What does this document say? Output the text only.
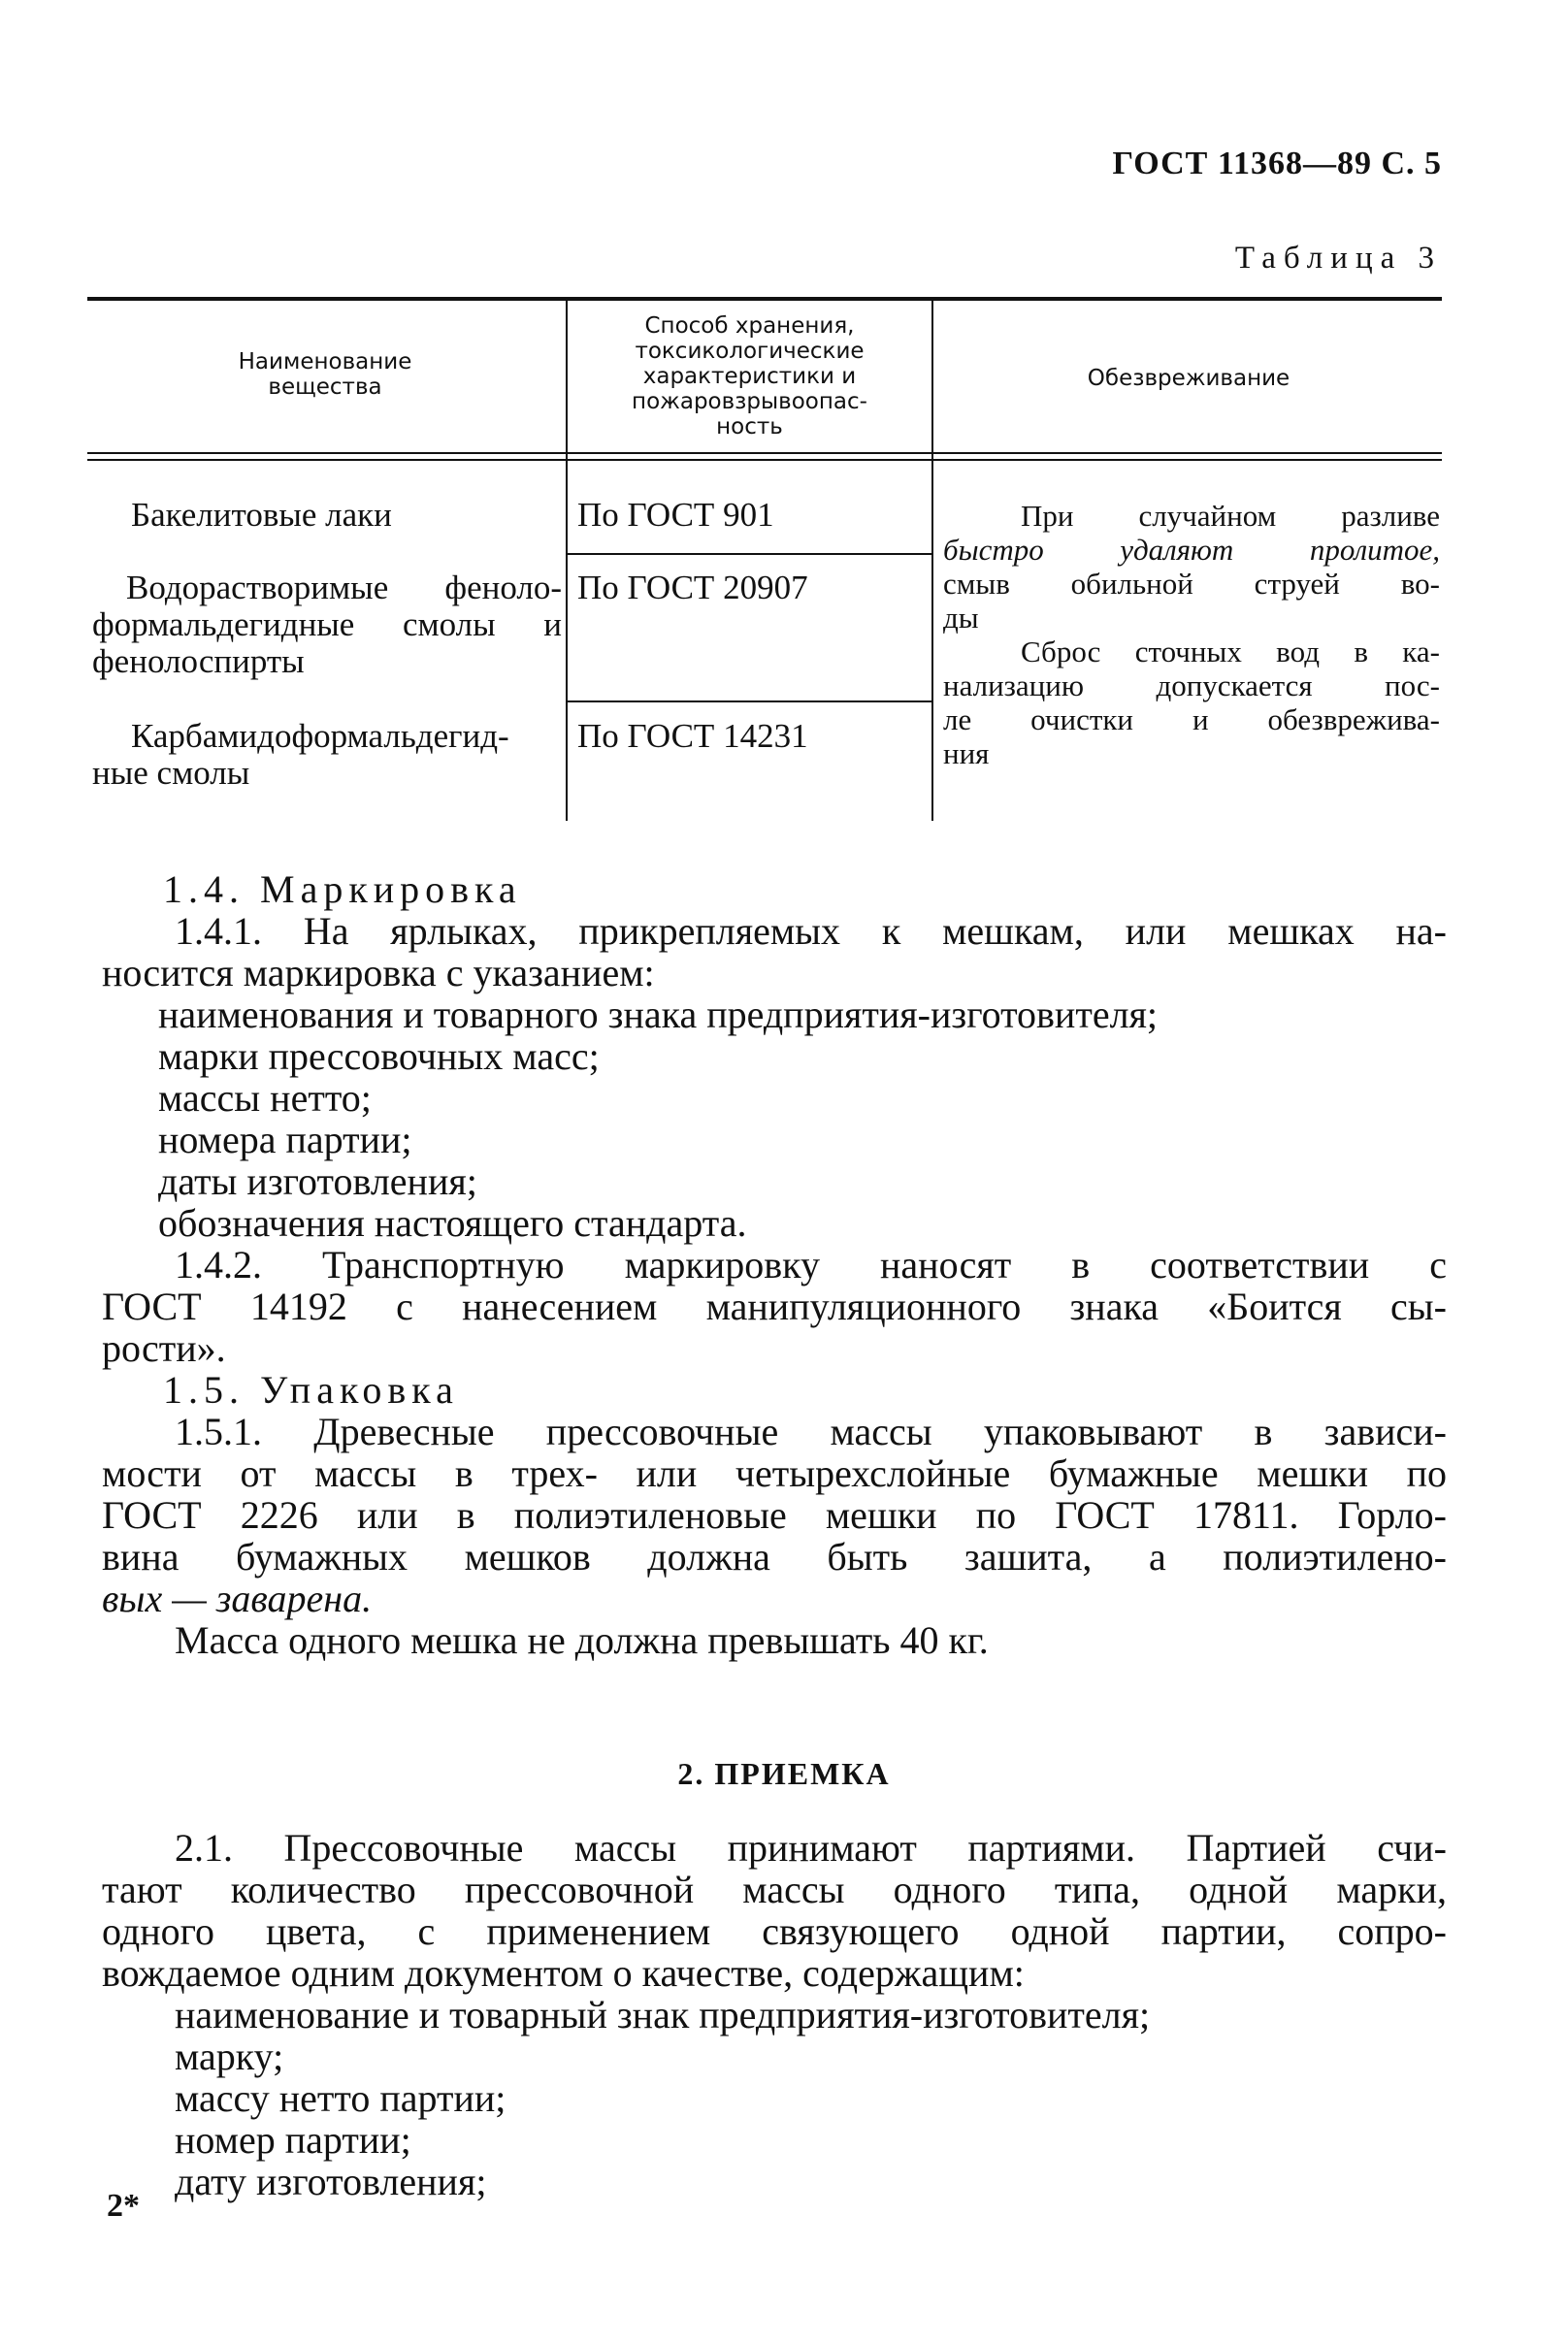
ГОСТ 11368—89 С. 5
Таблица 3
Наименование
вещества
Способ хранения,
токсикологические
характеристики и
пожаровзрывоопас-
ность
Обезвреживание
Бакелитовые лаки	По ГОСТ 901
Водорастворимые феноло-
формальдегидные смолы и
фенолоспирты
По ГОСТ 20907
Карбамидоформальдегид-
ные смолы
По ГОСТ 14231
При случайном разливе
быстро удаляют пролитое,
смыв обильной струей во-
ды
Сброс сточных вод в ка-
нализацию допускается пос-
ле очистки и обезврежива-
ния
1.4. Маркировка
1.4.1. На ярлыках, прикрепляемых к мешкам, или мешках на-
носится маркировка с указанием:
наименования и товарного знака предприятия-изготовителя;
марки прессовочных масс;
массы нетто;
номера партии;
даты изготовления;
обозначения настоящего стандарта.
1.4.2. Транспортную маркировку наносят в соответствии с
ГОСТ 14192 с нанесением манипуляционного знака «Боится сы-
рости».
1.5. Упаковка
1.5.1. Древесные прессовочные массы упаковывают в зависи-
мости от массы в трех- или четырехслойные бумажные мешки по
ГОСТ 2226 или в полиэтиленовые мешки по ГОСТ 17811. Горло-
вина бумажных мешков должна быть зашита, а полиэтилено-
вых — заварена.
Масса одного мешка не должна превышать 40 кг.
2. ПРИЕМКА
2.1. Прессовочные массы принимают партиями. Партией счи-
тают количество прессовочной массы одного типа, одной марки,
одного цвета, с применением связующего одной партии, сопро-
вождаемое одним документом о качестве, содержащим:
наименование и товарный знак предприятия-изготовителя;
марку;
массу нетто партии;
номер партии;
дату изготовления;
2*
